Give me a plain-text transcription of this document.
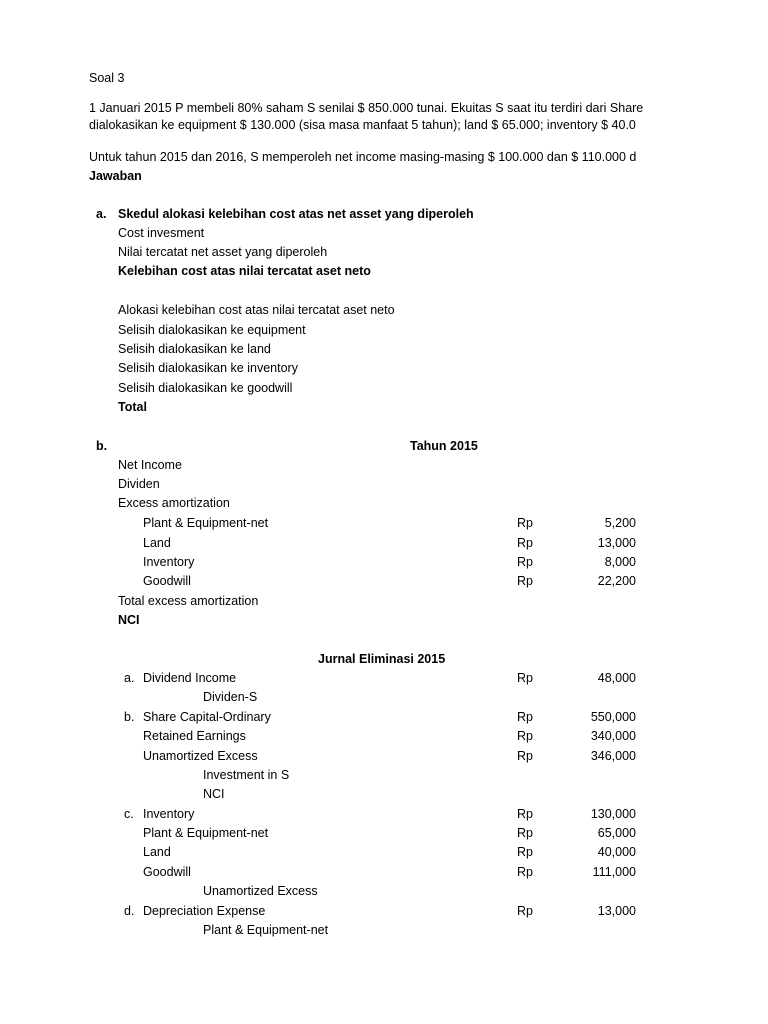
Soal 3
1 Januari 2015 P membeli 80% saham S senilai $ 850.000 tunai. Ekuitas S saat itu terdiri dari Share
dialokasikan ke equipment $ 130.000 (sisa masa manfaat 5 tahun); land $ 65.000; inventory $ 40.0
Untuk tahun 2015 dan 2016, S memperoleh net income masing-masing $ 100.000 dan $ 110.000 d
Jawaban
a. Skedul alokasi kelebihan cost atas net asset yang diperoleh
Cost invesment
Nilai tercatat net asset yang diperoleh
Kelebihan cost atas nilai tercatat aset neto
Alokasi kelebihan cost atas nilai tercatat aset neto
Selisih dialokasikan ke equipment
Selisih dialokasikan ke land
Selisih dialokasikan ke inventory
Selisih dialokasikan ke goodwill
Total
b.	Tahun 2015
Net Income
Dividen
Excess amortization
Plant & Equipment-net	Rp	5,200
Land	Rp	13,000
Inventory	Rp	8,000
Goodwill	Rp	22,200
Total excess amortization
NCI
Jurnal Eliminasi 2015
a. Dividend Income	Rp	48,000
Dividen-S
b. Share Capital-Ordinary	Rp	550,000
Retained Earnings	Rp	340,000
Unamortized Excess	Rp	346,000
Investment in S
NCI
c. Inventory	Rp	130,000
Plant & Equipment-net	Rp	65,000
Land	Rp	40,000
Goodwill	Rp	111,000
Unamortized Excess
d. Depreciation Expense	Rp	13,000
Plant & Equipment-net
